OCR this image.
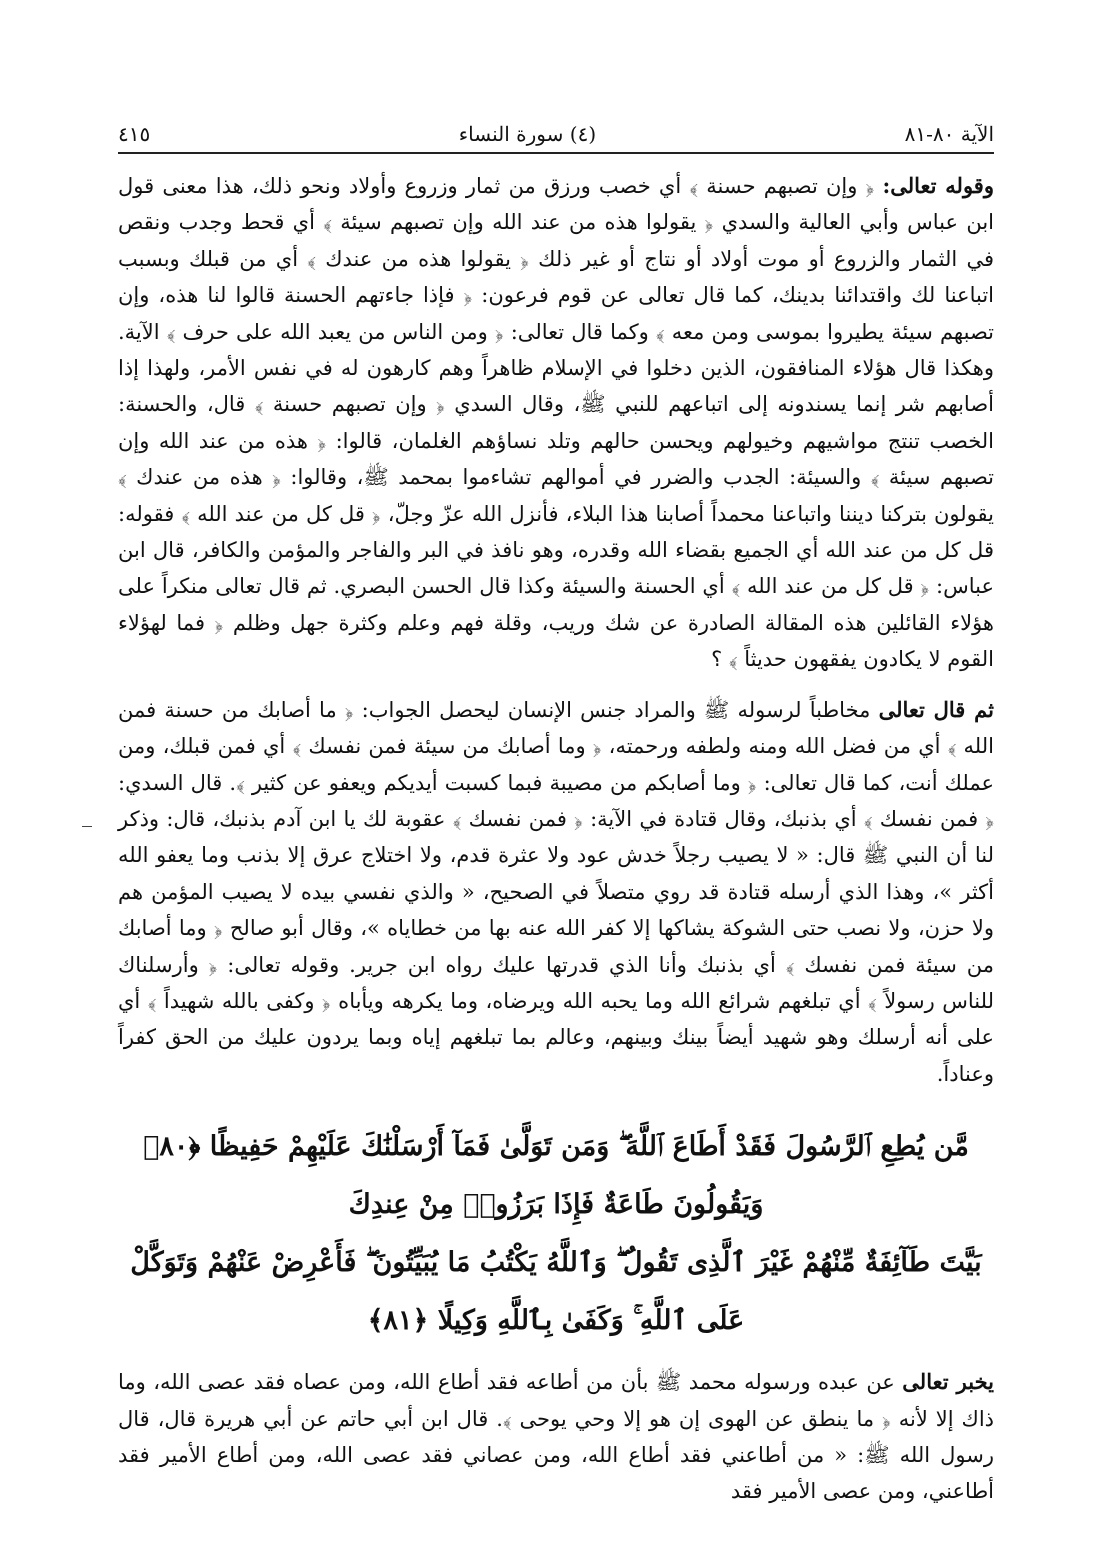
الآية ٨٠-٨١
(٤) سورة النساء
٤١٥

وقوله تعالى: ﴿ وإن تصبهم حسنة ﴾ أي خصب ورزق من ثمار وزروع وأولاد ونحو ذلك، هذا معنى قول ابن عباس وأبي العالية والسدي ﴿ يقولوا هذه من عند الله وإن تصبهم سيئة ﴾ أي قحط وجدب ونقص في الثمار والزروع أو موت أولاد أو نتاج أو غير ذلك ﴿ يقولوا هذه من عندك ﴾ أي من قبلك وبسبب اتباعنا لك واقتدائنا بدينك، كما قال تعالى عن قوم فرعون: ﴿ فإذا جاءتهم الحسنة قالوا لنا هذه، وإن تصبهم سيئة يطيروا بموسى ومن معه ﴾ وكما قال تعالى: ﴿ ومن الناس من يعبد الله على حرف ﴾ الآية. وهكذا قال هؤلاء المنافقون، الذين دخلوا في الإسلام ظاهراً وهم كارهون له في نفس الأمر، ولهذا إذا أصابهم شر إنما يسندونه إلى اتباعهم للنبي ﷺ، وقال السدي ﴿ وإن تصبهم حسنة ﴾ قال، والحسنة: الخصب تنتج مواشيهم وخيولهم ويحسن حالهم وتلد نساؤهم الغلمان، قالوا: ﴿ هذه من عند الله وإن تصبهم سيئة ﴾ والسيئة: الجدب والضرر في أموالهم تشاءموا بمحمد ﷺ، وقالوا: ﴿ هذه من عندك ﴾ يقولون بتركنا ديننا واتباعنا محمداً أصابنا هذا البلاء، فأنزل الله عزّ وجلّ، ﴿ قل كل من عند الله ﴾ فقوله: قل كل من عند الله أي الجميع بقضاء الله وقدره، وهو نافذ في البر والفاجر والمؤمن والكافر، قال ابن عباس: ﴿ قل كل من عند الله ﴾ أي الحسنة والسيئة وكذا قال الحسن البصري. ثم قال تعالى منكراً على هؤلاء القائلين هذه المقالة الصادرة عن شك وريب، وقلة فهم وعلم وكثرة جهل وظلم ﴿ فما لهؤلاء القوم لا يكادون يفقهون حديثاً ﴾ ؟

ثم قال تعالى مخاطباً لرسوله ﷺ والمراد جنس الإنسان ليحصل الجواب: ﴿ ما أصابك من حسنة فمن الله ﴾ أي من فضل الله ومنه ولطفه ورحمته، ﴿ وما أصابك من سيئة فمن نفسك ﴾ أي فمن قبلك، ومن عملك أنت، كما قال تعالى: ﴿ وما أصابكم من مصيبة فبما كسبت أيديكم ويعفو عن كثير ﴾. قال السدي: ﴿ فمن نفسك ﴾ أي بذنبك، وقال قتادة في الآية: ﴿ فمن نفسك ﴾ عقوبة لك يا ابن آدم بذنبك، قال: وذكر لنا أن النبي ﷺ قال: « لا يصيب رجلاً خدش عود ولا عثرة قدم، ولا اختلاج عرق إلا بذنب وما يعفو الله أكثر »، وهذا الذي أرسله قتادة قد روي متصلاً في الصحيح، « والذي نفسي بيده لا يصيب المؤمن هم ولا حزن، ولا نصب حتى الشوكة يشاكها إلا كفر الله عنه بها من خطاياه »، وقال أبو صالح ﴿ وما أصابك من سيئة فمن نفسك ﴾ أي بذنبك وأنا الذي قدرتها عليك رواه ابن جرير. وقوله تعالى: ﴿ وأرسلناك للناس رسولاً ﴾ أي تبلغهم شرائع الله وما يحبه الله ويرضاه، وما يكرهه ويأباه ﴿ وكفى بالله شهيداً ﴾ أي على أنه أرسلك وهو شهيد أيضاً بينك وبينهم، وعالم بما تبلغهم إياه وبما يردون عليك من الحق كفراً وعناداً.

مَّن يُطِعِ ٱلرَّسُولَ فَقَدْ أَطَاعَ ٱللَّهَ ۖ وَمَن تَوَلَّىٰ فَمَآ أَرْسَلْنَٰكَ عَلَيْهِمْ حَفِيظًا ﴿٨٠﴾ وَيَقُولُونَ طَاعَةٌ فَإِذَا بَرَزُوا۟ مِنْ عِندِكَ
بَيَّتَ طَآئِفَةٌ مِّنْهُمْ غَيْرَ ٱلَّذِى تَقُولُ ۖ وَٱللَّهُ يَكْتُبُ مَا يُبَيِّتُونَ ۖ فَأَعْرِضْ عَنْهُمْ وَتَوَكَّلْ عَلَى ٱللَّهِ ۚ وَكَفَىٰ بِٱللَّهِ وَكِيلًا ﴿٨١﴾

يخبر تعالى عن عبده ورسوله محمد ﷺ بأن من أطاعه فقد أطاع الله، ومن عصاه فقد عصى الله، وما ذاك إلا لأنه ﴿ ما ينطق عن الهوى إن هو إلا وحي يوحى ﴾. قال ابن أبي حاتم عن أبي هريرة قال، قال رسول الله ﷺ: « من أطاعني فقد أطاع الله، ومن عصاني فقد عصى الله، ومن أطاع الأمير فقد أطاعني، ومن عصى الأمير فقد
